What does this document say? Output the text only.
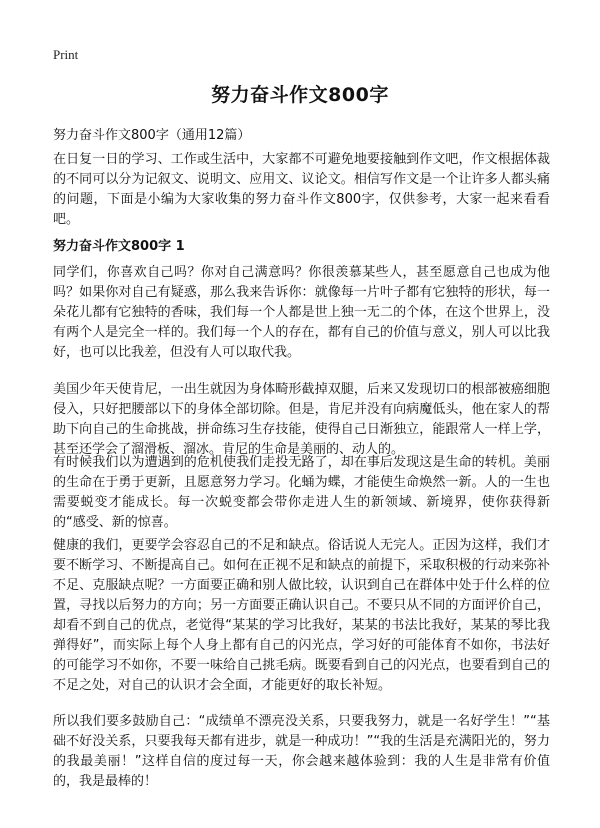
Print
努力奋斗作文800字
努力奋斗作文800字（通用12篇）

在日复一日的学习、工作或生活中，大家都不可避免地要接触到作文吧，作文根据体裁的不同可以分为记叙文、说明文、应用文、议论文。相信写作文是一个让许多人都头痛的问题，下面是小编为大家收集的努力奋斗作文800字，仅供参考，大家一起来看看吧。

努力奋斗作文800字 1

同学们，你喜欢自己吗？你对自己满意吗？你很羡慕某些人，甚至愿意自己也成为他吗？如果你对自己有疑惑，那么我来告诉你：就像每一片叶子都有它独特的形状，每一朵花儿都有它独特的香味，我们每一个人都是世上独一无二的个体，在这个世界上，没有两个人是完全一样的。我们每一个人的存在，都有自己的价值与意义，别人可以比我好，也可以比我差，但没有人可以取代我。

美国少年天使肯尼，一出生就因为身体畸形截掉双腿，后来又发现切口的根部被癌细胞侵入，只好把腰部以下的身体全部切除。但是，肯尼并没有向病魔低头，他在家人的帮助下向自己的生命挑战，拼命练习生存技能，使得自己日渐独立，能跟常人一样上学，甚至还学会了溜滑板、溜冰。肯尼的生命是美丽的、动人的。

有时候我们以为遭遇到的危机使我们走投无路了，却在事后发现这是生命的转机。美丽的生命在于勇于更新，且愿意努力学习。化蛹为蝶，才能使生命焕然一新。人的一生也需要蜕变才能成长。每一次蜕变都会带你走进人生的新领域、新境界，使你获得新的“感受、新的惊喜。

健康的我们，更要学会容忍自己的不足和缺点。俗话说人无完人。正因为这样，我们才要不断学习、不断提高自己。如何在正视不足和缺点的前提下，采取积极的行动来弥补不足、克服缺点呢？一方面要正确和别人做比较，认识到自己在群体中处于什么样的位置，寻找以后努力的方向；另一方面要正确认识自己。不要只从不同的方面评价自己，却看不到自己的优点，老觉得“某某的学习比我好，某某的书法比我好，某某的琴比我弹得好”，而实际上每个人身上都有自己的闪光点，学习好的可能体育不如你，书法好的可能学习不如你，不要一味给自己挑毛病。既要看到自己的闪光点，也要看到自己的不足之处，对自己的认识才会全面，才能更好的取长补短。

所以我们要多鼓励自己：“成绩单不漂亮没关系，只要我努力，就是一名好学生！”“基础不好没关系，只要我每天都有进步，就是一种成功！”“我的生活是充满阳光的，努力的我最美丽！”这样自信的度过每一天，你会越来越体验到：我的人生是非常有价值的，我是最棒的！
